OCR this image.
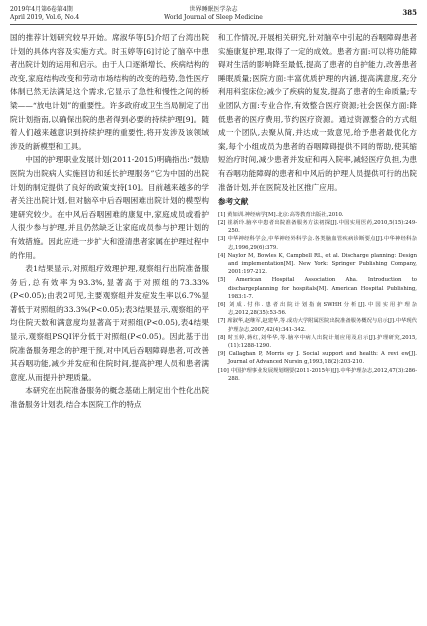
2019年4月第6卷第4期
April 2019, Vol.6, No.4
世界睡眠医学杂志
World Journal of Sleep Medicine
385

国的推荐计划研究较早开始。席淑华等[5]介绍了台湾出院计划的具体内容及实施方式。时玉婷等[6]讨论了脑卒中患者出院计划的运用和启示。由于人口逐渐增长、疾病结构的改变,家庭结构改变和劳动市场结构的改变的趋势,急性医疗体制已然无法满足这个需求,它显示了急性和慢性之间的桥梁——“放电计划”的重要性。许多政府或卫生当局制定了出院计划指南,以确保出院的患者得到必要的持续护理[9]。随着人们越来越意识到持续护理的重要性,将开发涉及该领域涉及的新模型和工具。

中国的护理职业发展计划(2011-2015)明确指出:“鼓励医院为出院病人实施回访和延长护理服务”它为中国的出院计划的制定提供了良好的政策支持[10]。目前越来越多的学者关注出院计划,但对脑卒中后吞咽困难出院计划的模型构建研究较少。在中风后吞咽困难的康复中,家庭成员或看护人很少参与护理,并且仍然缺乏让家庭成员参与护理计划的有效措施。因此应进一步扩大和澄清患者家属在护理过程中的作用。

表1结果显示,对照组疗效理护理,观察组行出院准备服务后,总有效率为93.3%,显著高于对照组的73.33%(P<0.05);由表2可见,主要观察组并发症发生率以6.7%显著低于对照组的33.3%(P<0.05);表3结果显示,观察组的平均住院天数和满意度均显著高于对照组(P<0.05),表4结果显示,观察组PSQI评分低于对照组(P<0.05)。因此基于出院准备服务理念的护理干预,对中风后吞咽障碍患者,可改善其吞咽功能,减少并发症和住院时间,提高护理人员和患者满意度,从而提升护理质量。

本研究在出院准备服务的概念基础上制定出个性化出院准备服务计划表,结合本医院工作的特点

和工作情况,开展相关研究,针对脑卒中引起的吞咽障碍患者实施康复护理,取得了一定的成效。患者方面:可以将功能障碍对生活的影响降至最低,提高了患者的自护能力,改善患者睡眠质量;医院方面:丰富优质护理的内涵,提高满意度,充分利用科室床位;减少了疾病的复发,提高了患者的生命质量;专业团队方面:专业合作,有效整合医疗资源;社会医保方面:降低患者的医疗费用,节约医疗资源。通过资源整合的方式组成一个团队,去聚从简,并达成一致意见,给予患者最优化方案,每个小组成员为患者的吞咽障碍提供不同的帮助,使其缩短治疗时间,减少患者并发症和再入院率,减轻医疗负担,为患有吞咽功能障碍的患者和中风后的护理人员提供可行的出院准备计划,并在医院及社区推广应用。

参考文献

[1] 黄如训.神经病学[M].北京:高等教育出版社,2010.

[2] 崔新玲.脑卒中患者出院准备服务方法初探[J].中国实用医药,2010,5(15):249-250.

[3] 中华神经科学会,中华神经外科学会.各类脑血管疾病诊断要点[J].中华神经科杂志,1996,29(6):379.

[4] Naylor M, Bowles K, Campbell RL, et al. Discharge planning: Design and implementation[M]. New York: Springer Publishing Company, 2001:197-212.

[5] American Hospital Association Aha. Introduction to dischargeplanning for hospitals[M]. American Hospital Publishing, 1983:1-7.

[6] 刘成.付伟.患者出院计划指南SWHH分析[J].中国实用护理杂志,2012,28(35):53-56.

[7] 席淑华,赵继军,赵建华,等.成功大学附属医院出院准备服务概况与启示[J].中华现代护理杂志,2007,42(4):341-342.

[8] 时玉婷,蒋红,刘华华,等.脑卒中病人出院计划应用及启示[J].护理研究,2015,(11):1288-1290.

[9] Callaghan P, Morris ey J. Social support and health: A revi ew[J]. Journal of Advanced Nursin g,1993,18(2):203-210.

[10] 中国护理事业发展规划纲要(2011-2015年)[J].中华护理杂志,2012,47(3):286-288.
